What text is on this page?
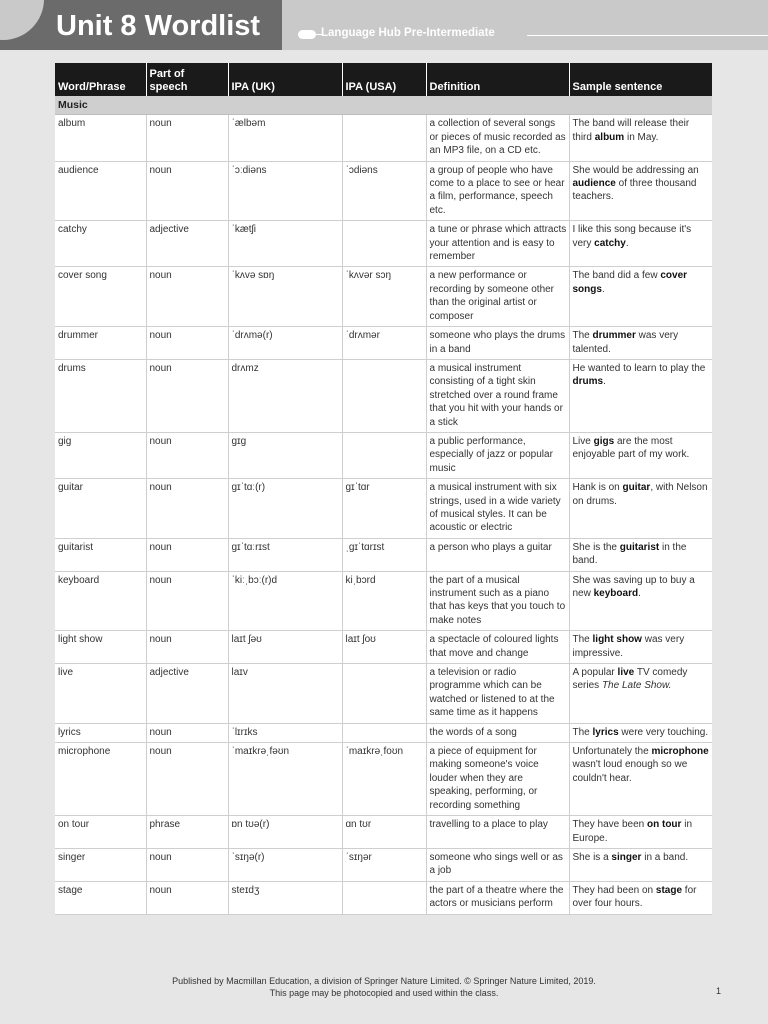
Unit 8 Wordlist	Language Hub Pre-Intermediate
Word/Phrase	Part of speech	IPA (UK)	IPA (USA)	Definition	Sample sentence
Music					
album	noun	ˈælbəm		a collection of several songs or pieces of music recorded as an MP3 file, on a CD etc.	The band will release their third album in May.
audience	noun	ˈɔːdiəns	ˈɔdiəns	a group of people who have come to a place to see or hear a film, performance, speech etc.	She would be addressing an audience of three thousand teachers.
catchy	adjective	ˈkætʃi		a tune or phrase which attracts your attention and is easy to remember	I like this song because it's very catchy.
cover song	noun	ˈkʌvə sɒŋ	ˈkʌvər sɔŋ	a new performance or recording by someone other than the original artist or composer	The band did a few cover songs.
drummer	noun	ˈdrʌmə(r)	ˈdrʌmər	someone who plays the drums in a band	The drummer was very talented.
drums	noun	drʌmz		a musical instrument consisting of a tight skin stretched over a round frame that you hit with your hands or a stick	He wanted to learn to play the drums.
gig	noun	ɡɪɡ		a public performance, especially of jazz or popular music	Live gigs are the most enjoyable part of my work.
guitar	noun	ɡɪˈtɑː(r)	ɡɪˈtɑr	a musical instrument with six strings, used in a wide variety of musical styles. It can be acoustic or electric	Hank is on guitar, with Nelson on drums.
guitarist	noun	ɡɪˈtɑːrɪst	ˌɡɪˈtɑrɪst	a person who plays a guitar	She is the guitarist in the band.
keyboard	noun	ˈkiːˌbɔː(r)d	kiˌbɔrd	the part of a musical instrument such as a piano that has keys that you touch to make notes	She was saving up to buy a new keyboard.
light show	noun	laɪt ʃəʊ	laɪt ʃoʊ	a spectacle of coloured lights that move and change	The light show was very impressive.
live	adjective	laɪv		a television or radio programme which can be watched or listened to at the same time as it happens	A popular live TV comedy series The Late Show.
lyrics	noun	ˈlɪrɪks		the words of a song	The lyrics were very touching.
microphone	noun	ˈmaɪkrəˌfəʊn	ˈmaɪkrəˌfoʊn	a piece of equipment for making someone's voice louder when they are speaking, performing, or recording something	Unfortunately the microphone wasn't loud enough so we couldn't hear.
on tour	phrase	ɒn tʊə(r)	ɑn tʊr	travelling to a place to play	They have been on tour in Europe.
singer	noun	ˈsɪŋə(r)	ˈsɪŋər	someone who sings well or as a job	She is a singer in a band.
stage	noun	steɪdʒ		the part of a theatre where the actors or musicians perform	They had been on stage for over four hours.
Published by Macmillan Education, a division of Springer Nature Limited. © Springer Nature Limited, 2019.
This page may be photocopied and used within the class.	1
